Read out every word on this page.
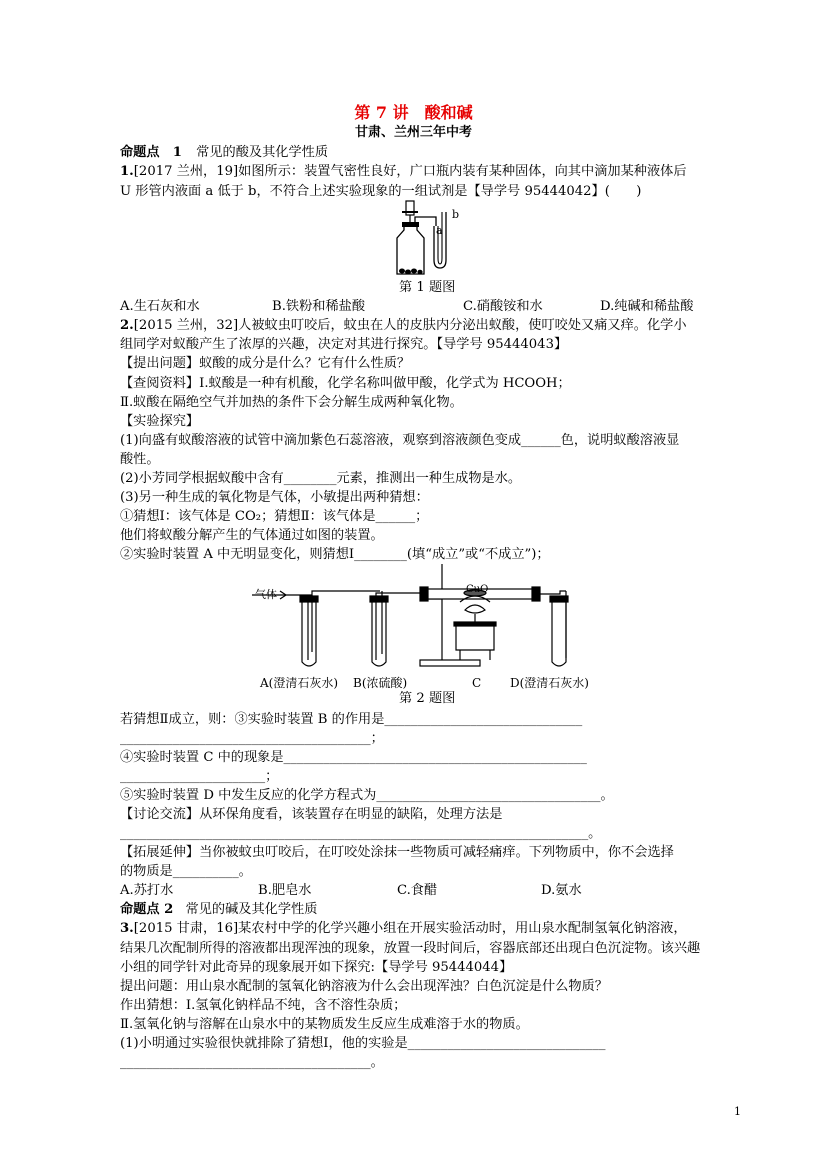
第 7 讲　酸和碱
甘肃、兰州三年中考
命题点　1 常见的酸及其化学性质
1.[2017 兰州，19]如图所示：装置气密性良好，广口瓶内装有某种固体，向其中滴加某种液体后
U 形管内液面 a 低于 b，不符合上述实验现象的一组试剂是【导学号 95444042】(　　)
a
b
第 1 题图
A.生石灰和水	B.铁粉和稀盐酸	C.硝酸铵和水	D.纯碱和稀盐酸
2.[2015 兰州，32]人被蚊虫叮咬后，蚊虫在人的皮肤内分泌出蚁酸，使叮咬处又痛又痒。化学小
组同学对蚁酸产生了浓厚的兴趣，决定对其进行探究。【导学号 95444043】
【提出问题】蚁酸的成分是什么？它有什么性质？
【查阅资料】Ⅰ.蚁酸是一种有机酸，化学名称叫做甲酸，化学式为 HCOOH；
Ⅱ.蚁酸在隔绝空气并加热的条件下会分解生成两种氧化物。
【实验探究】
(1)向盛有蚁酸溶液的试管中滴加紫色石蕊溶液，观察到溶液颜色变成______色，说明蚁酸溶液显
酸性。
(2)小芳同学根据蚁酸中含有________元素，推测出一种生成物是水。
(3)另一种生成的氧化物是气体，小敏提出两种猜想：
①猜想Ⅰ：该气体是 CO₂；猜想Ⅱ：该气体是______；
他们将蚁酸分解产生的气体通过如图的装置。
②实验时装置 A 中无明显变化，则猜想Ⅰ________(填“成立”或“不成立”)；
气体	CuO
A(澄清石灰水) B(浓硫酸)	C D(澄清石灰水)
第 2 题图
若猜想Ⅱ成立，则：③实验时装置 B 的作用是______________________________
______________________________________；
④实验时装置 C 中的现象是______________________________________________
______________________；
⑤实验时装置 D 中发生反应的化学方程式为__________________________________。
【讨论交流】从环保角度看，该装置存在明显的缺陷，处理方法是
_______________________________________________________________________。
【拓展延伸】当你被蚊虫叮咬后，在叮咬处涂抹一些物质可减轻痛痒。下列物质中，你不会选择
的物质是__________。
A.苏打水	B.肥皂水	C.食醋	D.氨水
命题点 2 常见的碱及其化学性质
3.[2015 甘肃，16]某农村中学的化学兴趣小组在开展实验活动时，用山泉水配制氢氧化钠溶液，
结果几次配制所得的溶液都出现浑浊的现象，放置一段时间后，容器底部还出现白色沉淀物。该兴趣
小组的同学针对此奇异的现象展开如下探究:【导学号 95444044】
提出问题：用山泉水配制的氢氧化钠溶液为什么会出现浑浊？白色沉淀是什么物质？
作出猜想：Ⅰ.氢氧化钠样品不纯，含不溶性杂质；
Ⅱ.氢氧化钠与溶解在山泉水中的某物质发生反应生成难溶于水的物质。
(1)小明通过实验很快就排除了猜想Ⅰ，他的实验是______________________________
______________________________________。
1
